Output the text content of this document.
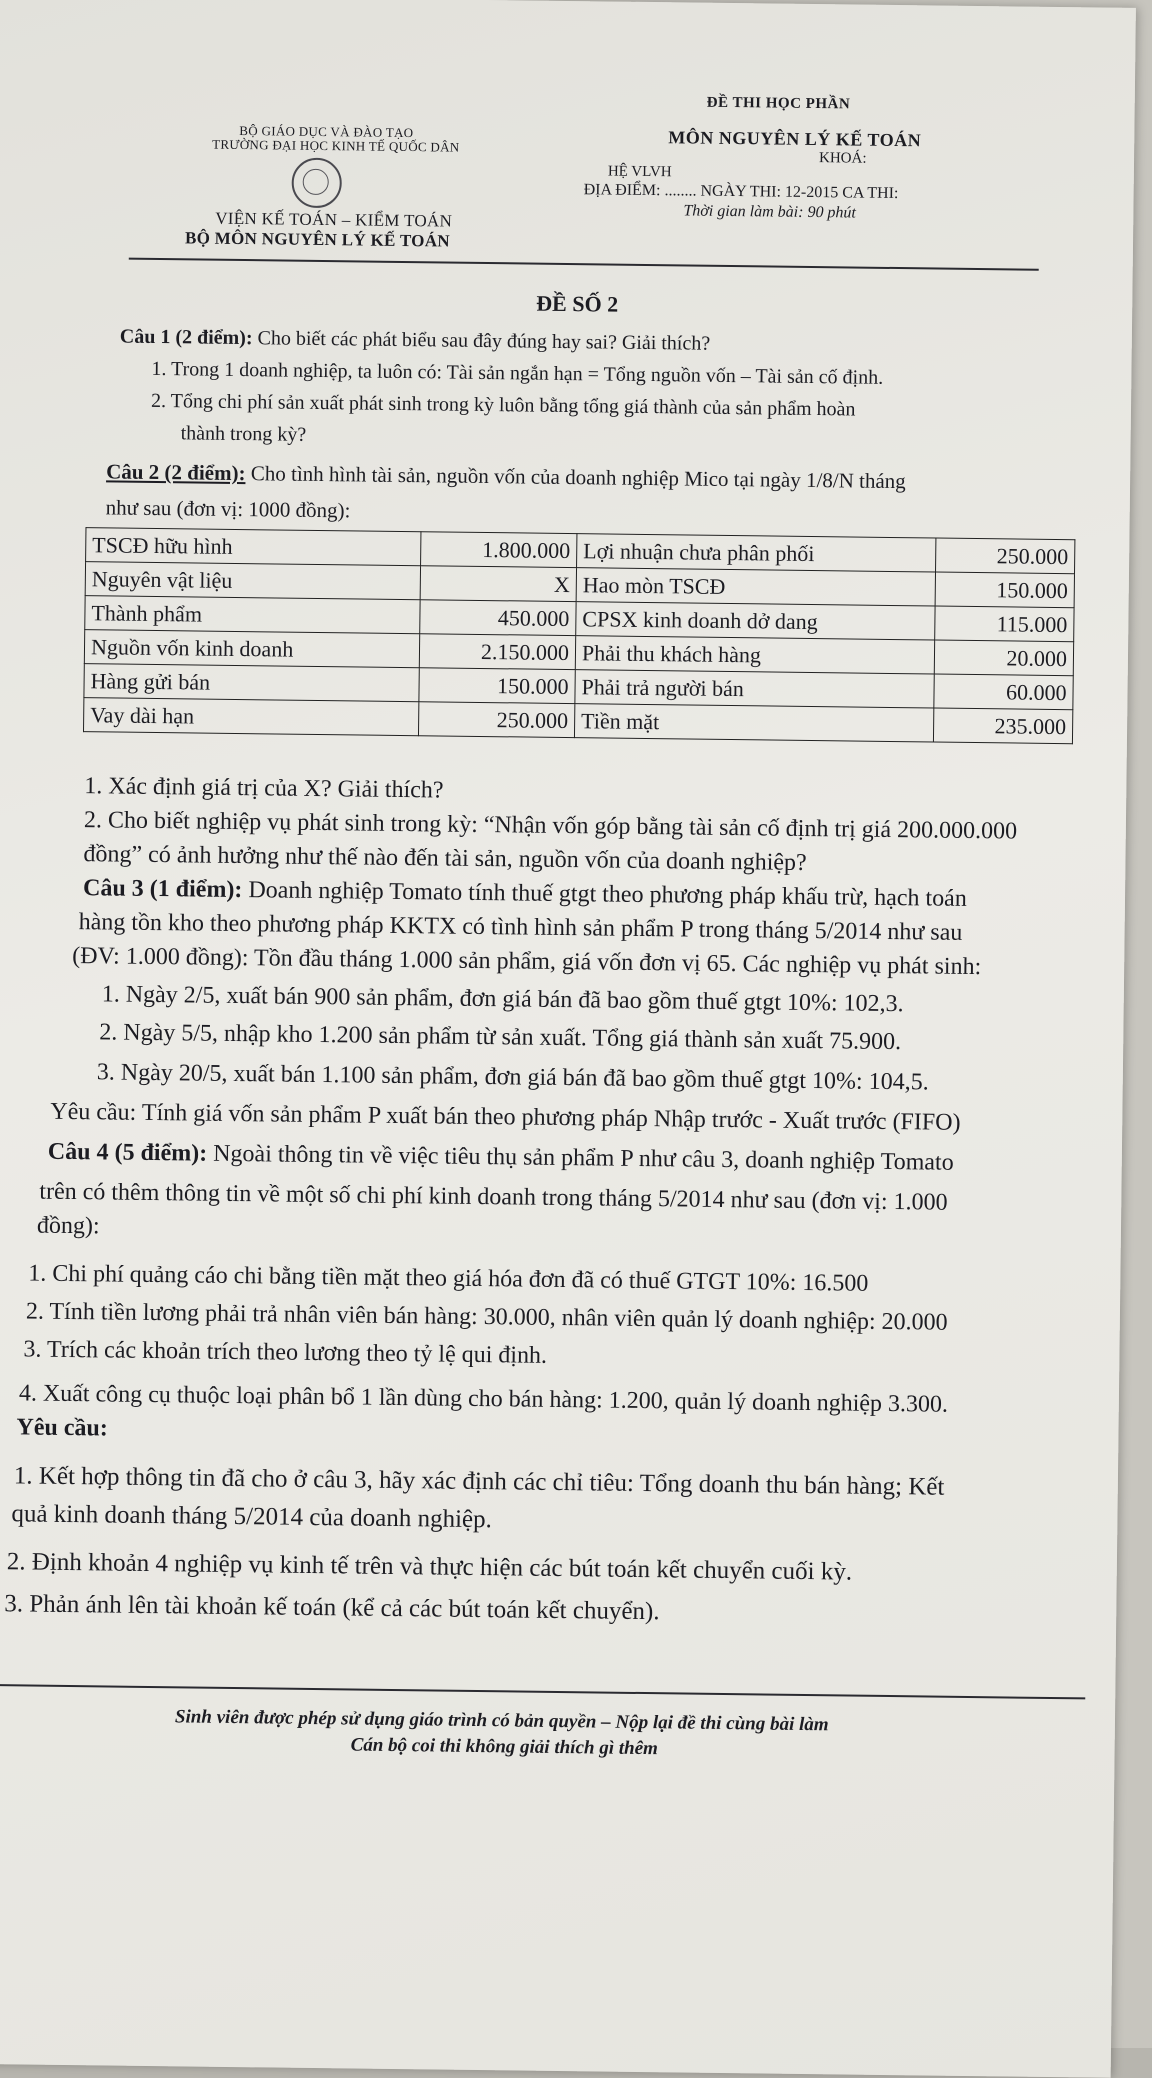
BỘ GIÁO DỤC VÀ ĐÀO TẠO
TRƯỜNG ĐẠI HỌC KINH TẾ QUỐC DÂN
VIỆN KẾ TOÁN – KIỂM TOÁN
BỘ MÔN NGUYÊN LÝ KẾ TOÁN
ĐỀ THI HỌC PHẦN
MÔN NGUYÊN LÝ KẾ TOÁN
KHOÁ:
HỆ VLVH
ĐỊA ĐIỂM: ........ NGÀY THI: 12-2015 CA THI:
Thời gian làm bài: 90 phút
ĐỀ SỐ 2
Câu 1 (2 điểm): Cho biết các phát biểu sau đây đúng hay sai? Giải thích?
1. Trong 1 doanh nghiệp, ta luôn có: Tài sản ngắn hạn = Tổng nguồn vốn – Tài sản cố định.
2. Tổng chi phí sản xuất phát sinh trong kỳ luôn bằng tổng giá thành của sản phẩm hoàn
thành trong kỳ?
Câu 2 (2 điểm): Cho tình hình tài sản, nguồn vốn của doanh nghiệp Mico tại ngày 1/8/N tháng
như sau (đơn vị: 1000 đồng):
TSCĐ hữu hình	1.800.000	Lợi nhuận chưa phân phối	250.000
Nguyên vật liệu	X	Hao mòn TSCĐ	150.000
Thành phẩm	450.000	CPSX kinh doanh dở dang	115.000
Nguồn vốn kinh doanh	2.150.000	Phải thu khách hàng	20.000
Hàng gửi bán	150.000	Phải trả người bán	60.000
Vay dài hạn	250.000	Tiền mặt	235.000
1. Xác định giá trị của X? Giải thích?
2. Cho biết nghiệp vụ phát sinh trong kỳ: “Nhận vốn góp bằng tài sản cố định trị giá 200.000.000
đồng” có ảnh hưởng như thế nào đến tài sản, nguồn vốn của doanh nghiệp?
Câu 3 (1 điểm): Doanh nghiệp Tomato tính thuế gtgt theo phương pháp khấu trừ, hạch toán
hàng tồn kho theo phương pháp KKTX có tình hình sản phẩm P trong tháng 5/2014 như sau
(ĐV: 1.000 đồng): Tồn đầu tháng 1.000 sản phẩm, giá vốn đơn vị 65. Các nghiệp vụ phát sinh:
1. Ngày 2/5, xuất bán 900 sản phẩm, đơn giá bán đã bao gồm thuế gtgt 10%: 102,3.
2. Ngày 5/5, nhập kho 1.200 sản phẩm từ sản xuất. Tổng giá thành sản xuất 75.900.
3. Ngày 20/5, xuất bán 1.100 sản phẩm, đơn giá bán đã bao gồm thuế gtgt 10%: 104,5.
Yêu cầu: Tính giá vốn sản phẩm P xuất bán theo phương pháp Nhập trước - Xuất trước (FIFO)
Câu 4 (5 điểm): Ngoài thông tin về việc tiêu thụ sản phẩm P như câu 3, doanh nghiệp Tomato
trên có thêm thông tin về một số chi phí kinh doanh trong tháng 5/2014 như sau (đơn vị: 1.000
đồng):
1. Chi phí quảng cáo chi bằng tiền mặt theo giá hóa đơn đã có thuế GTGT 10%: 16.500
2. Tính tiền lương phải trả nhân viên bán hàng: 30.000, nhân viên quản lý doanh nghiệp: 20.000
3. Trích các khoản trích theo lương theo tỷ lệ qui định.
4. Xuất công cụ thuộc loại phân bổ 1 lần dùng cho bán hàng: 1.200, quản lý doanh nghiệp 3.300.
Yêu cầu:
1. Kết hợp thông tin đã cho ở câu 3, hãy xác định các chỉ tiêu: Tổng doanh thu bán hàng; Kết
quả kinh doanh tháng 5/2014 của doanh nghiệp.
2. Định khoản 4 nghiệp vụ kinh tế trên và thực hiện các bút toán kết chuyển cuối kỳ.
3. Phản ánh lên tài khoản kế toán (kể cả các bút toán kết chuyển).
Sinh viên được phép sử dụng giáo trình có bản quyền – Nộp lại đề thi cùng bài làm
Cán bộ coi thi không giải thích gì thêm
